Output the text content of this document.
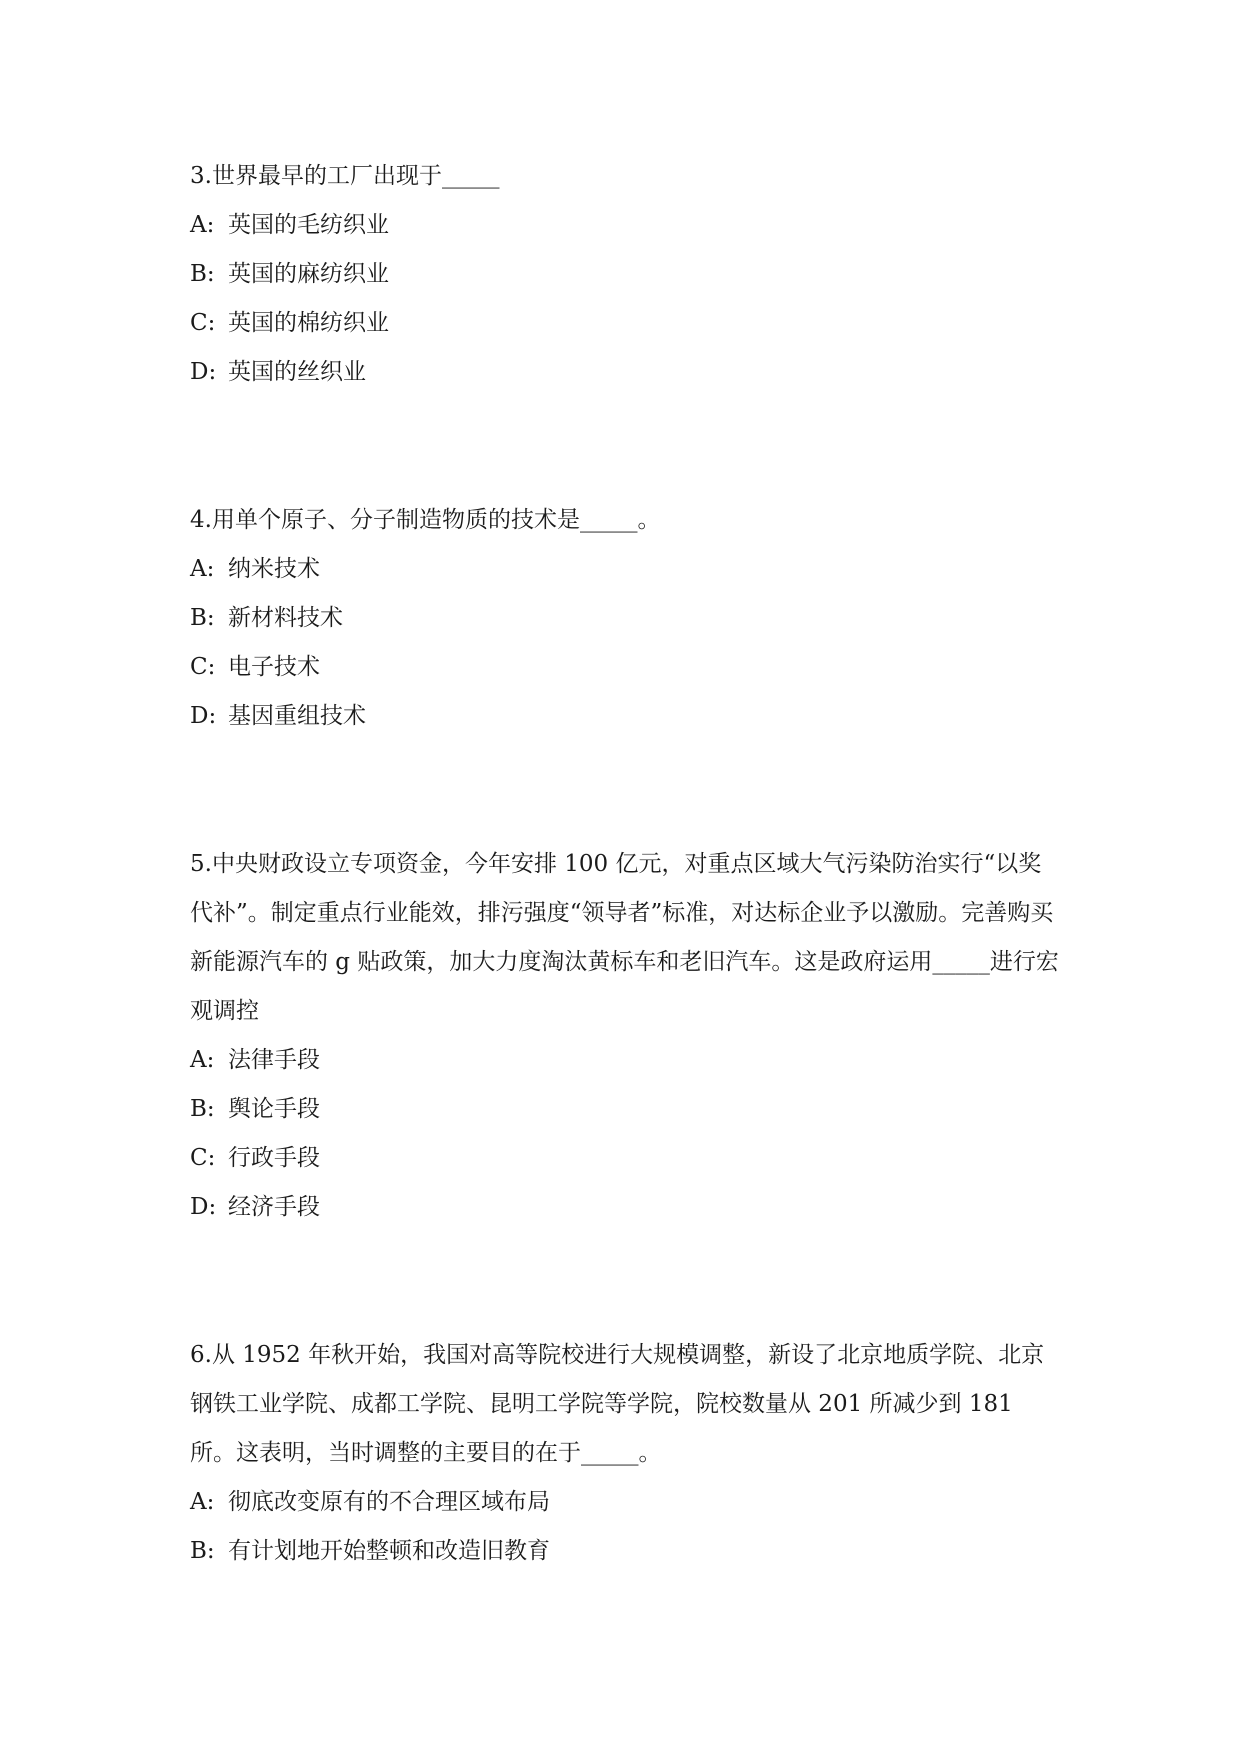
3.世界最早的工厂出现于_____

A: 英国的毛纺织业

B: 英国的麻纺织业

C: 英国的棉纺织业

D: 英国的丝织业

4.用单个原子、分子制造物质的技术是_____。

A: 纳米技术

B: 新材料技术

C: 电子技术

D: 基因重组技术

5.中央财政设立专项资金，今年安排 100 亿元，对重点区域大气污染防治实行“以奖代补”。制定重点行业能效，排污强度“领导者”标准，对达标企业予以激励。完善购买新能源汽车的 g 贴政策，加大力度淘汰黄标车和老旧汽车。这是政府运用_____进行宏观调控

A: 法律手段

B: 舆论手段

C: 行政手段

D: 经济手段

6.从 1952 年秋开始，我国对高等院校进行大规模调整，新设了北京地质学院、北京钢铁工业学院、成都工学院、昆明工学院等学院，院校数量从 201 所减少到 181 所。这表明，当时调整的主要目的在于_____。

A: 彻底改变原有的不合理区域布局

B: 有计划地开始整顿和改造旧教育
